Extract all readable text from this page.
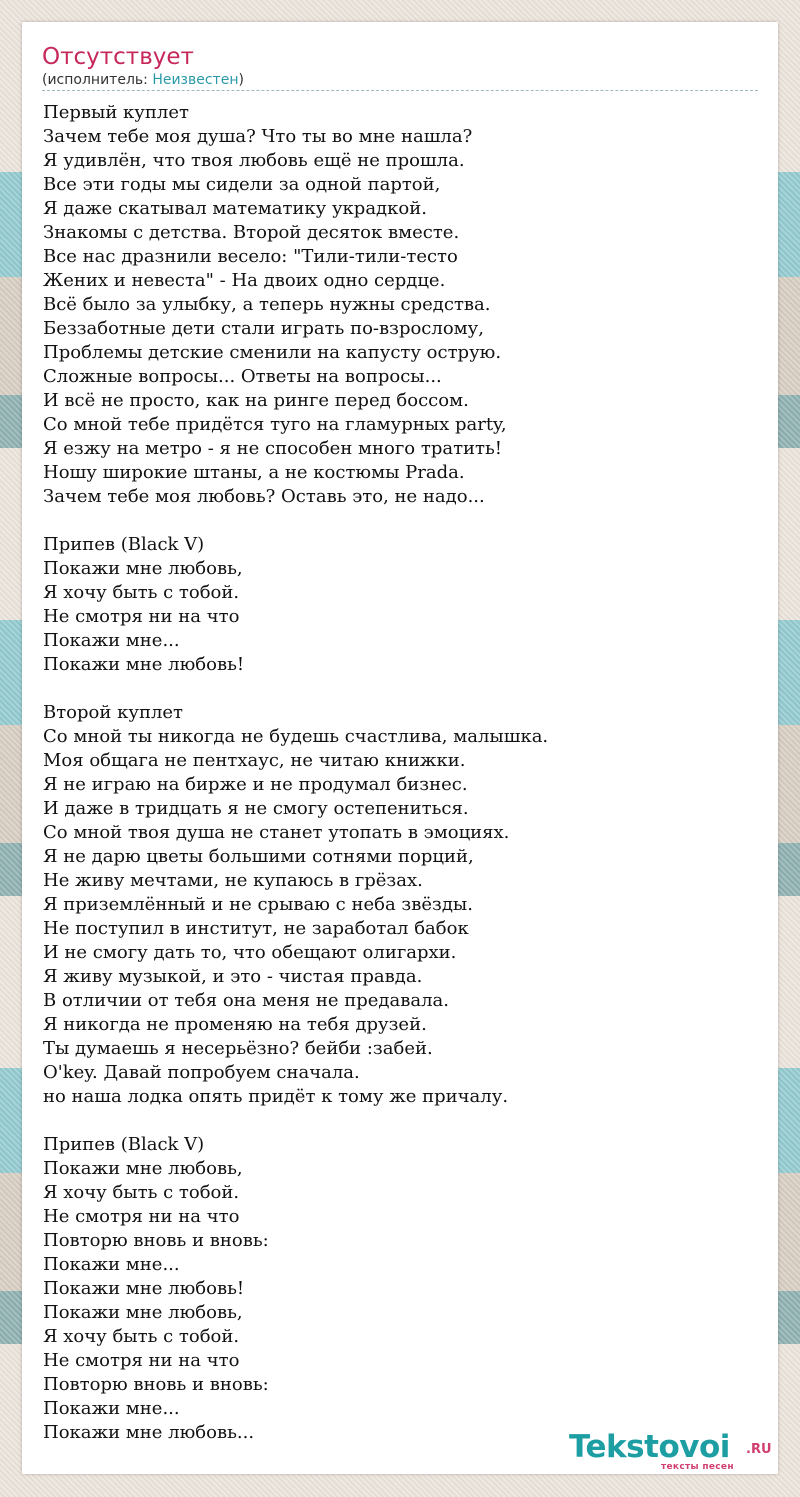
Отсутствует
(исполнитель: Неизвестен)
Первый куплет
Зачем тебе моя душа? Что ты во мне нашла?
Я удивлён, что твоя любовь ещё не прошла.
Все эти годы мы сидели за одной партой,
Я даже скатывал математику украдкой.
Знакомы с детства. Второй десяток вместе.
Все нас дразнили весело: "Тили-тили-тесто
Жених и невеста" - На двоих одно сердце.
Всё было за улыбку, а теперь нужны средства.
Беззаботные дети стали играть по-взрослому,
Проблемы детские сменили на капусту острую.
Сложные вопросы... Ответы на вопросы...
И всё не просто, как на ринге перед боссом.
Со мной тебе придётся туго на гламурных party,
Я езжу на метро - я не способен много тратить!
Ношу широкие штаны, а не костюмы Prada.
Зачем тебе моя любовь? Оставь это, не надо...
Припев (Black V)
Покажи мне любовь,
Я хочу быть с тобой.
Не смотря ни на что
Покажи мне...
Покажи мне любовь!
Второй куплет
Со мной ты никогда не будешь счастлива, малышка.
Моя общага не пентхаус, не читаю книжки.
Я не играю на бирже и не продумал бизнес.
И даже в тридцать я не смогу остепениться.
Со мной твоя душа не станет утопать в эмоциях.
Я не дарю цветы большими сотнями порций,
Не живу мечтами, не купаюсь в грёзах.
Я приземлённый и не срываю с неба звёзды.
Не поступил в институт, не заработал бабок
И не смогу дать то, что обещают олигархи.
Я живу музыкой, и это - чистая правда.
В отличии от тебя она меня не предавала.
Я никогда не променяю на тебя друзей.
Ты думаешь я несерьёзно? бейби :забей.
O'key. Давай попробуем сначала.
но наша лодка опять придёт к тому же причалу.
Припев (Black V)
Покажи мне любовь,
Я хочу быть с тобой.
Не смотря ни на что
Повторю вновь и вновь:
Покажи мне...
Покажи мне любовь!
Покажи мне любовь,
Я хочу быть с тобой.
Не смотря ни на что
Повторю вновь и вновь:
Покажи мне...
Покажи мне любовь...	Tekstovoi .RU
тексты песен
